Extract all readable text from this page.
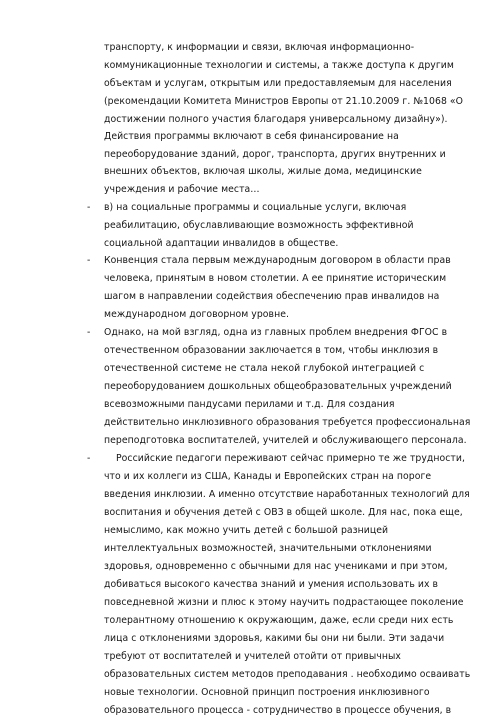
транспорту, к информации и связи, включая информационно-
коммуникационные технологии и системы, а также доступа к другим
объектам и услугам, открытым или предоставляемым для населения
(рекомендации Комитета Министров Европы от 21.10.2009 г. №1068 «О
достижении полного участия благодаря универсальному дизайну»).
Действия программы включают в себя финансирование на
переоборудование зданий, дорог, транспорта, других внутренних и
внешних объектов, включая школы, жилые дома, медицинские
учреждения и рабочие места…
- в) на социальные программы и социальные услуги, включая
реабилитацию, обуславливающие возможность эффективной
социальной адаптации инвалидов в обществе.
- Конвенция стала первым международным договором в области прав
человека, принятым в новом столетии. А ее принятие историческим
шагом в направлении содействия обеспечению прав инвалидов на
международном договорном уровне.
- Однако, на мой взгляд, одна из главных проблем внедрения ФГОС в
отечественном образовании заключается в том, чтобы инклюзия в
отечественной системе не стала некой глубокой интеграцией с
переоборудованием дошкольных общеобразовательных учреждений
всевозможными пандусами перилами и т.д. Для создания
действительно инклюзивного образования требуется профессиональная
переподготовка воспитателей, учителей и обслуживающего персонала.
- Российские педагоги переживают сейчас примерно те же трудности,
что и их коллеги из США, Канады и Европейских стран на пороге
введения инклюзии. А именно отсутствие наработанных технологий для
воспитания и обучения детей с ОВЗ в общей школе. Для нас, пока еще,
немыслимо, как можно учить детей с большой разницей
интеллектуальных возможностей, значительными отклонениями
здоровья, одновременно с обычными для нас учениками и при этом,
добиваться высокого качества знаний и умения использовать их в
повседневной жизни и плюс к этому научить подрастающее поколение
толерантному отношению к окружающим, даже, если среди них есть
лица с отклонениями здоровья, какими бы они ни были. Эти задачи
требуют от воспитателей и учителей отойти от привычных
образовательных систем методов преподавания . необходимо осваивать
новые технологии. Основной принцип построения инклюзивного
образовательного процесса - сотрудничество в процессе обучения, в
